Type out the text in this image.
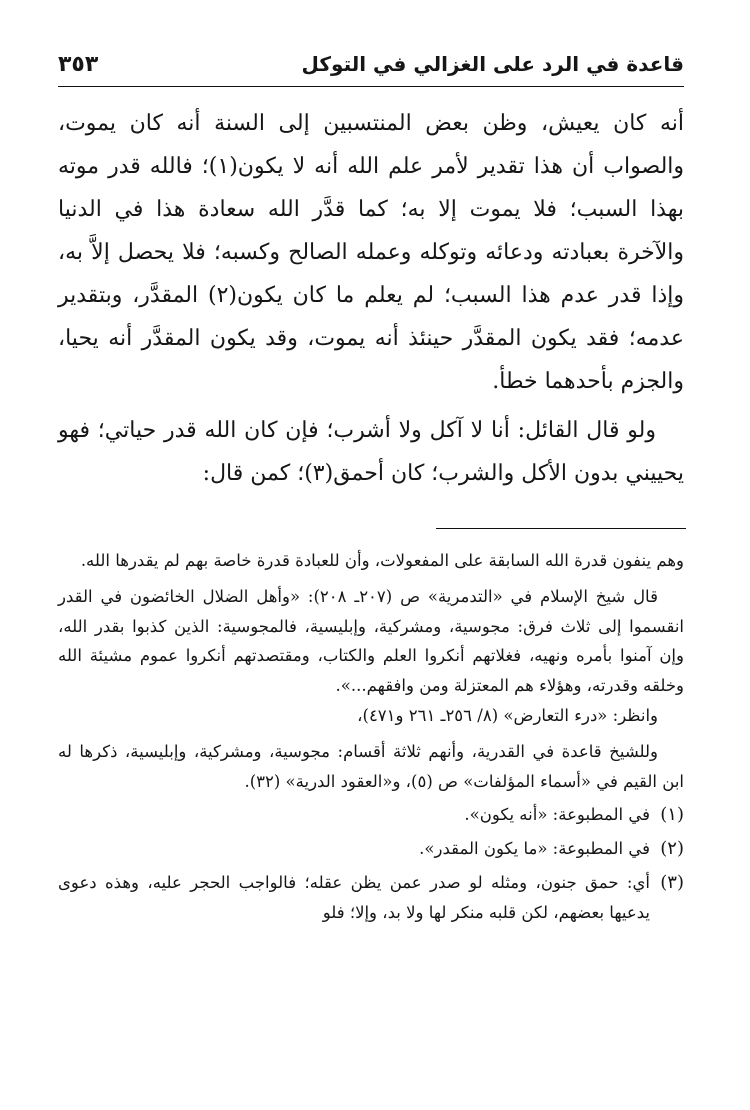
قاعدة في الرد على الغزالي في التوكل
٣٥٣

أنه كان يعيش، وظن بعض المنتسبين إلى السنة أنه كان يموت، والصواب أن هذا تقدير لأمر علم الله أنه لا يكون(١)؛ فالله قدر موته بهذا السبب؛ فلا يموت إلا به؛ كما قدَّر الله سعادة هذا في الدنيا والآخرة بعبادته ودعائه وتوكله وعمله الصالح وكسبه؛ فلا يحصل إلاَّ به، وإذا قدر عدم هذا السبب؛ لم يعلم ما كان يكون(٢) المقدَّر، وبتقدير عدمه؛ فقد يكون المقدَّر حينئذ أنه يموت، وقد يكون المقدَّر أنه يحيا، والجزم بأحدهما خطأ.

ولو قال القائل: أنا لا آكل ولا أشرب؛ فإن كان الله قدر حياتي؛ فهو يحييني بدون الأكل والشرب؛ كان أحمق(٣)؛ كمن قال:

وهم ينفون قدرة الله السابقة على المفعولات، وأن للعبادة قدرة خاصة بهم لم يقدرها الله.

قال شيخ الإسلام في «التدمرية» ص (٢٠٧ـ ٢٠٨): «وأهل الضلال الخائضون في القدر انقسموا إلى ثلاث فرق: مجوسية، ومشركية، وإبليسية، فالمجوسية: الذين كذبوا بقدر الله، وإن آمنوا بأمره ونهيه، فغلاتهم أنكروا العلم والكتاب، ومقتصدتهم أنكروا عموم مشيئة الله وخلقه وقدرته، وهؤلاء هم المعتزلة ومن وافقهم...».

وانظر: «درء التعارض» (٨/ ٢٥٦ـ ٢٦١ و٤٧١)،

وللشيخ قاعدة في القدرية، وأنهم ثلاثة أقسام: مجوسية، ومشركية، وإبليسية، ذكرها له ابن القيم في «أسماء المؤلفات» ص (٥)، و«العقود الدرية» (٣٢).

(١)
في المطبوعة: «أنه يكون».
(٢)
في المطبوعة: «ما يكون المقدر».
(٣)
أي: حمق جنون، ومثله لو صدر عمن يظن عقله؛ فالواجب الحجر عليه، وهذه دعوى يدعيها بعضهم، لكن قلبه منكر لها ولا بد، وإلا؛ فلو
